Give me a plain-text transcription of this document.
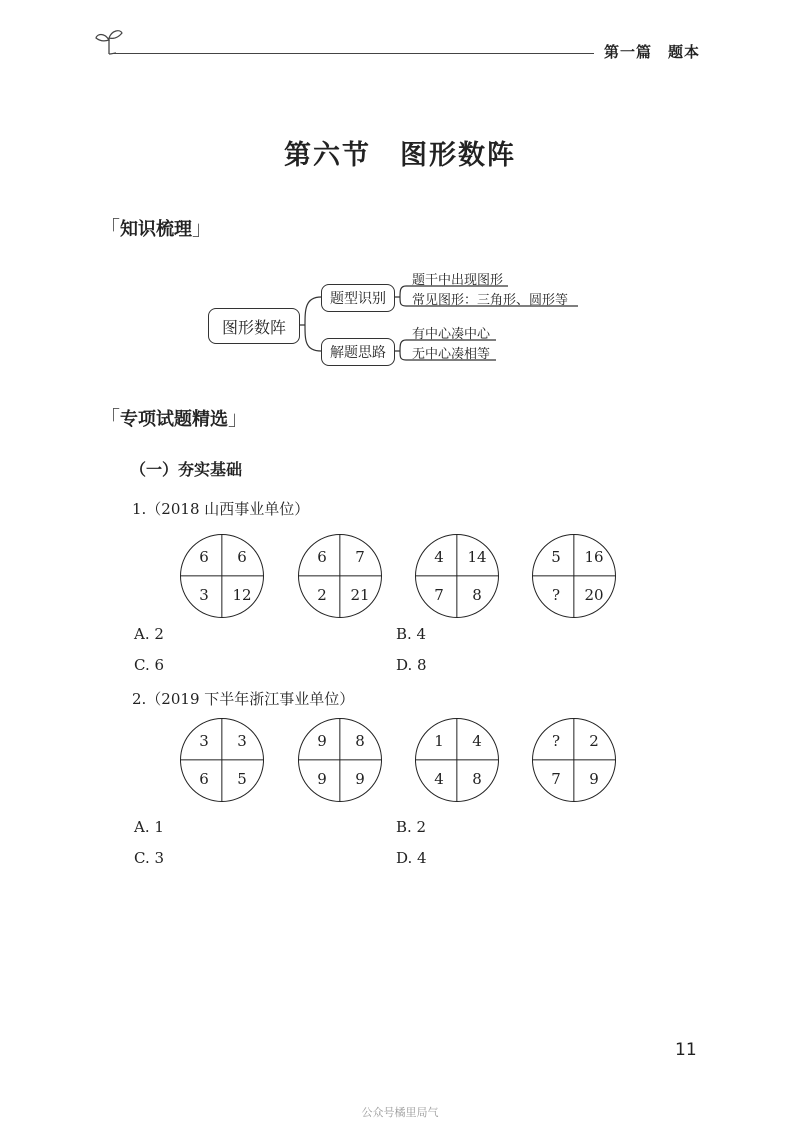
第一篇　题本
第六节　图形数阵
「知识梳理」
图形数阵
题型识别
解题思路
题干中出现图形
常见图形：三角形、圆形等
有中心凑中心
无中心凑相等
「专项试题精选」
（一）夯实基础
1.（2018 山西事业单位）
6	6
3	12
6	7
2	21
4	14
7	8
5	16
?	20
A. 2	B. 4
C. 6	D. 8
2.（2019 下半年浙江事业单位）
3	3
6	5
9	8
9	9
1	4
4	8
?	2
7	9
A. 1	B. 2
C. 3	D. 4
11
公众号橘里局气
